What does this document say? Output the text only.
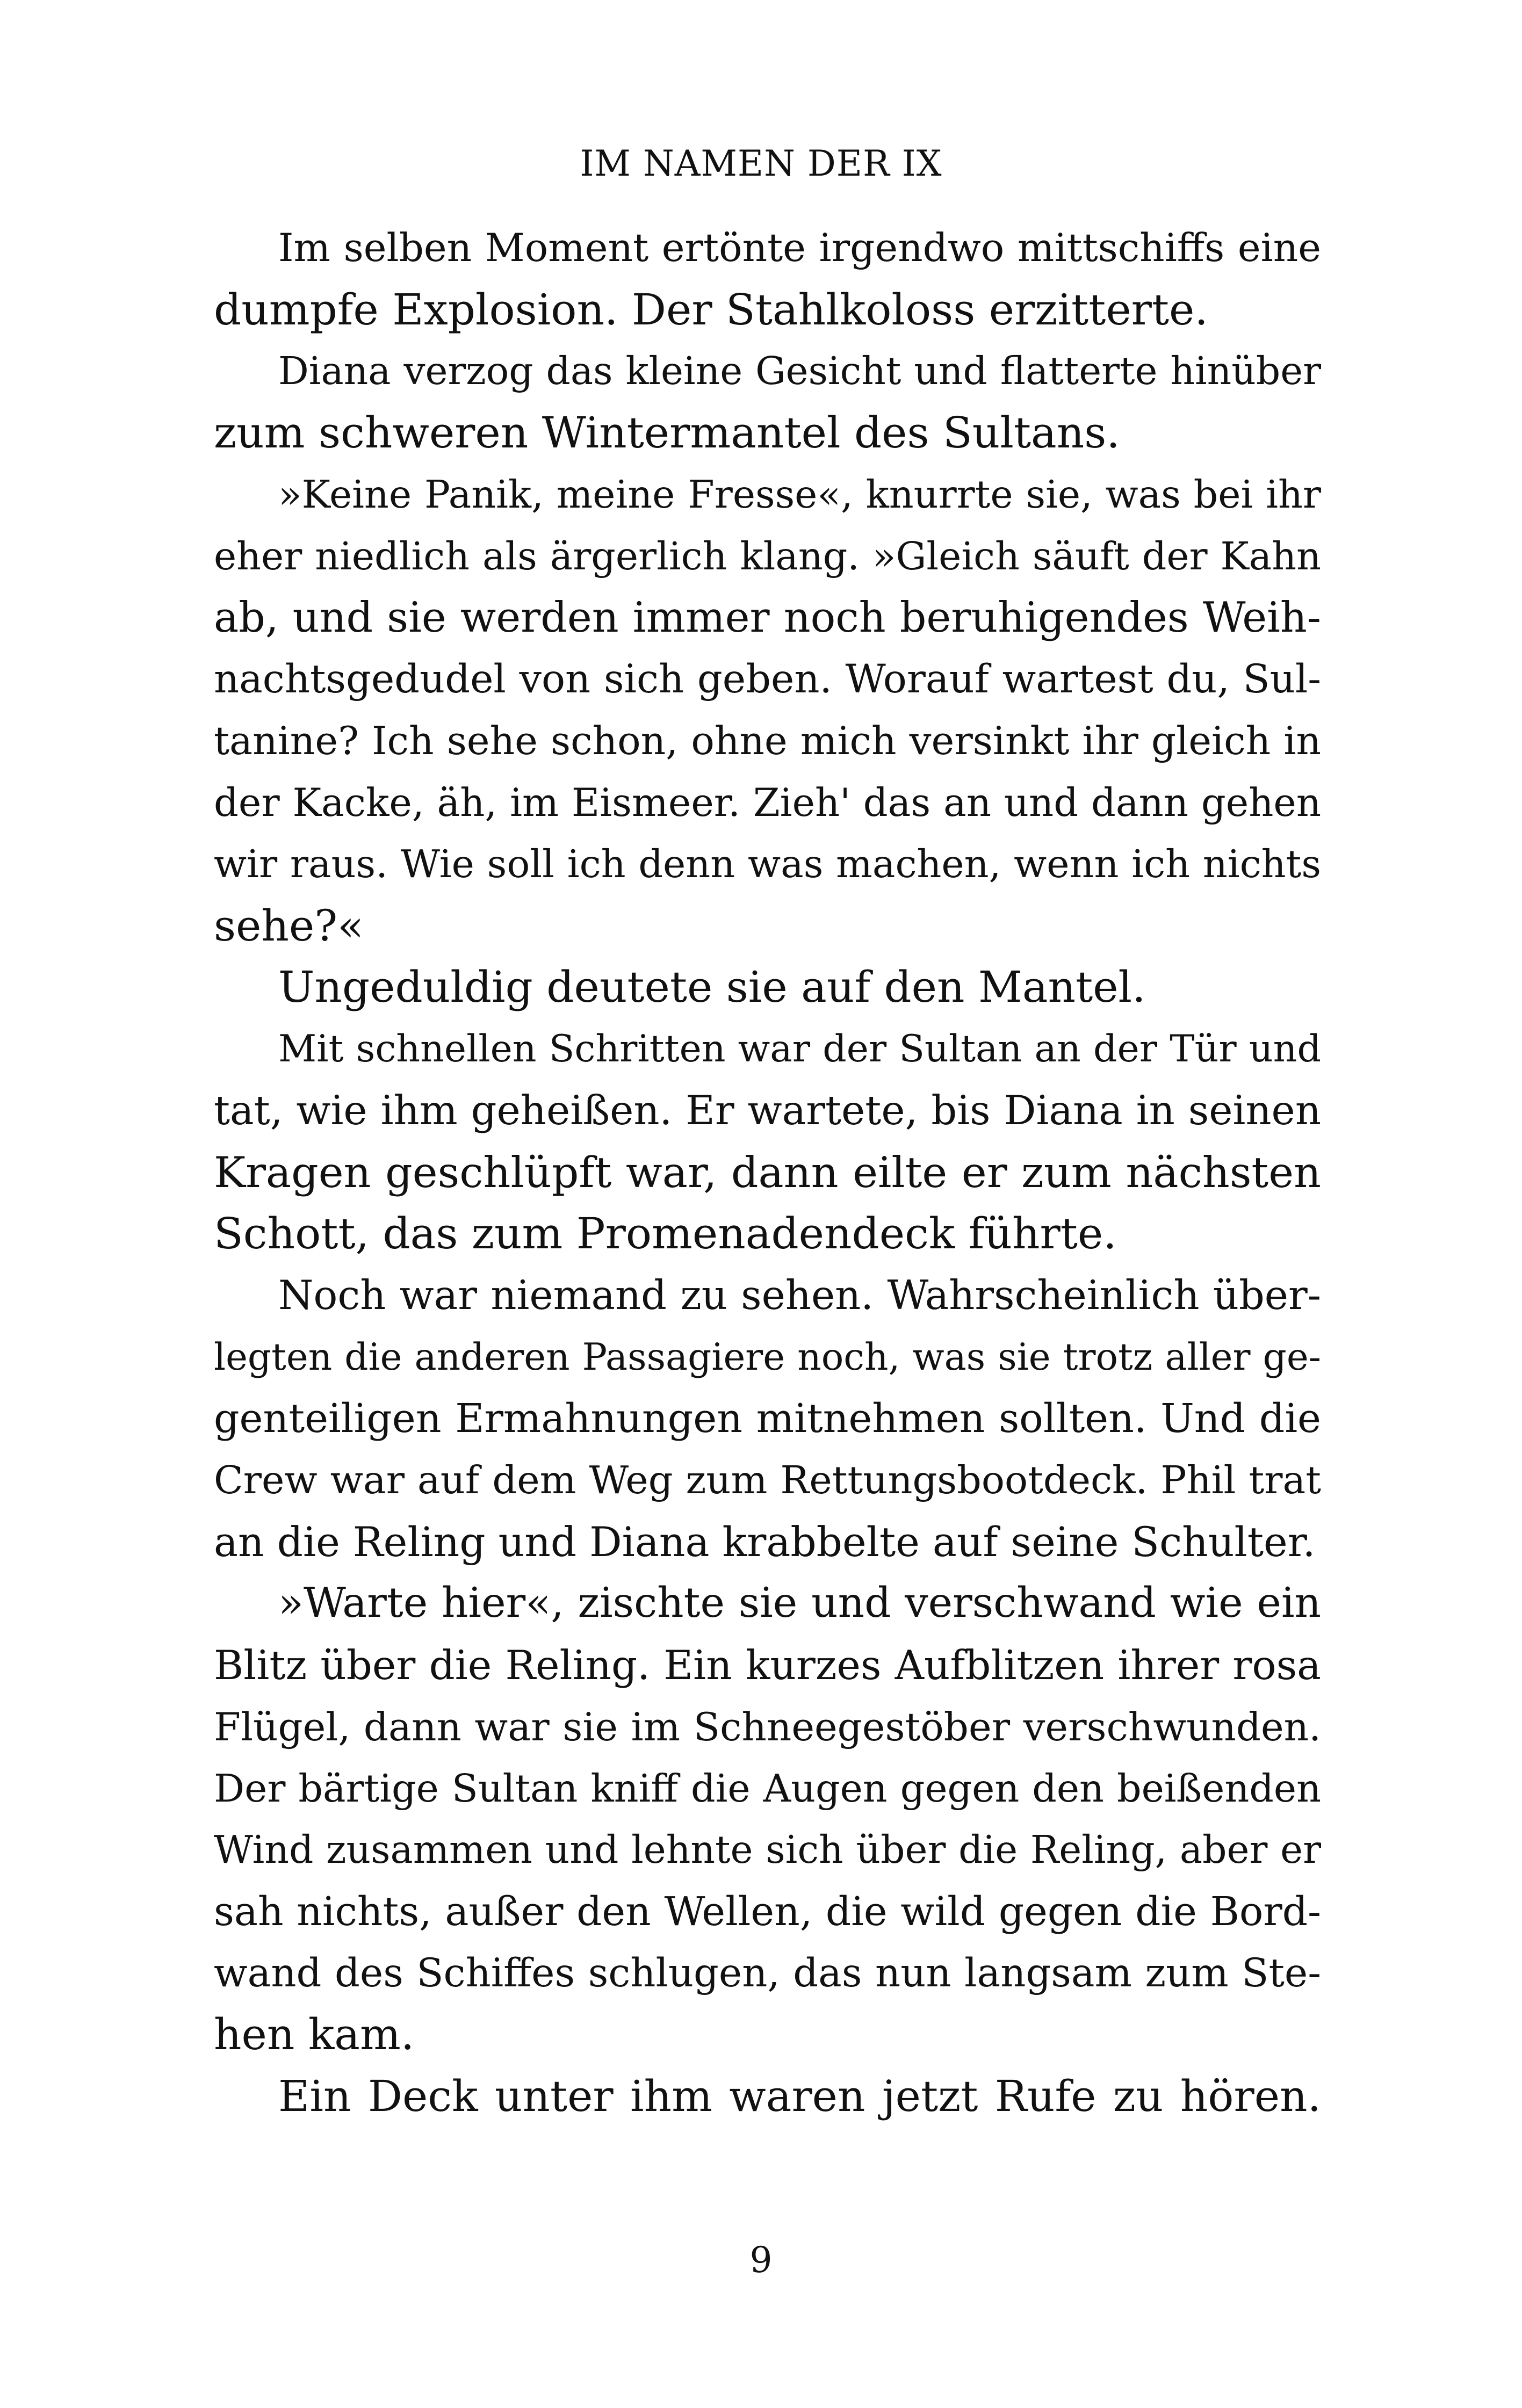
IM NAMEN DER IX

Im selben Moment ertönte irgendwo mittschiffs eine
dumpfe Explosion. Der Stahlkoloss erzitterte.

Diana verzog das kleine Gesicht und flatterte hinüber
zum schweren Wintermantel des Sultans.

»Keine Panik, meine Fresse«, knurrte sie, was bei ihr
eher niedlich als ärgerlich klang. »Gleich säuft der Kahn
ab, und sie werden immer noch beruhigendes Weih-
nachtsgedudel von sich geben. Worauf wartest du, Sul-
tanine? Ich sehe schon, ohne mich versinkt ihr gleich in
der Kacke, äh, im Eismeer. Zieh' das an und dann gehen
wir raus. Wie soll ich denn was machen, wenn ich nichts
sehe?«

Ungeduldig deutete sie auf den Mantel.

Mit schnellen Schritten war der Sultan an der Tür und
tat, wie ihm geheißen. Er wartete, bis Diana in seinen
Kragen geschlüpft war, dann eilte er zum nächsten
Schott, das zum Promenadendeck führte.

Noch war niemand zu sehen. Wahrscheinlich über-
legten die anderen Passagiere noch, was sie trotz aller ge-
genteiligen Ermahnungen mitnehmen sollten. Und die
Crew war auf dem Weg zum Rettungsbootdeck. Phil trat
an die Reling und Diana krabbelte auf seine Schulter.

»Warte hier«, zischte sie und verschwand wie ein
Blitz über die Reling. Ein kurzes Aufblitzen ihrer rosa
Flügel, dann war sie im Schneegestöber verschwunden.
Der bärtige Sultan kniff die Augen gegen den beißenden
Wind zusammen und lehnte sich über die Reling, aber er
sah nichts, außer den Wellen, die wild gegen die Bord-
wand des Schiffes schlugen, das nun langsam zum Ste-
hen kam.

Ein Deck unter ihm waren jetzt Rufe zu hören.

9
